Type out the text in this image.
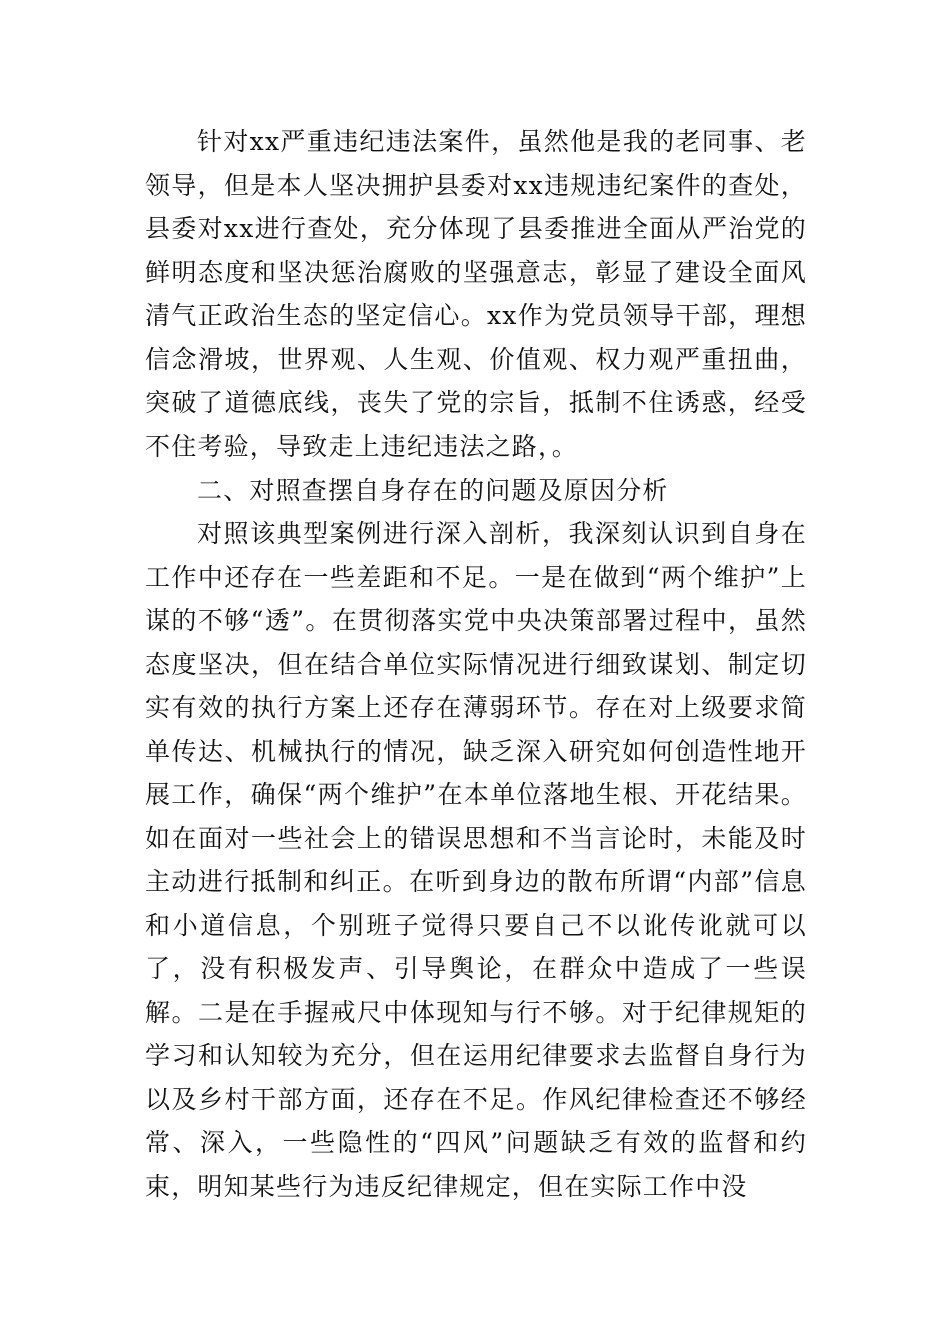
针对xx严重违纪违法案件，虽然他是我的老同事、老领导，但是本人坚决拥护县委对xx违规违纪案件的查处，县委对xx进行查处，充分体现了县委推进全面从严治党的鲜明态度和坚决惩治腐败的坚强意志，彰显了建设全面风清气正政治生态的坚定信心。xx作为党员领导干部，理想信念滑坡，世界观、人生观、价值观、权力观严重扭曲，突破了道德底线，丧失了党的宗旨，抵制不住诱惑，经受不住考验，导致走上违纪违法之路，。

二、对照查摆自身存在的问题及原因分析

对照该典型案例进行深入剖析，我深刻认识到自身在工作中还存在一些差距和不足。一是在做到“两个维护”上谋的不够“透”。在贯彻落实党中央决策部署过程中，虽然态度坚决，但在结合单位实际情况进行细致谋划、制定切实有效的执行方案上还存在薄弱环节。存在对上级要求简单传达、机械执行的情况，缺乏深入研究如何创造性地开展工作，确保“两个维护”在本单位落地生根、开花结果。如在面对一些社会上的错误思想和不当言论时，未能及时主动进行抵制和纠正。在听到身边的散布所谓“内部”信息和小道信息，个别班子觉得只要自己不以讹传讹就可以了，没有积极发声、引导舆论，在群众中造成了一些误解。二是在手握戒尺中体现知与行不够。对于纪律规矩的学习和认知较为充分，但在运用纪律要求去监督自身行为以及乡村干部方面，还存在不足。作风纪律检查还不够经常、深入，一些隐性的“四风”问题缺乏有效的监督和约束，明知某些行为违反纪律规定，但在实际工作中没
